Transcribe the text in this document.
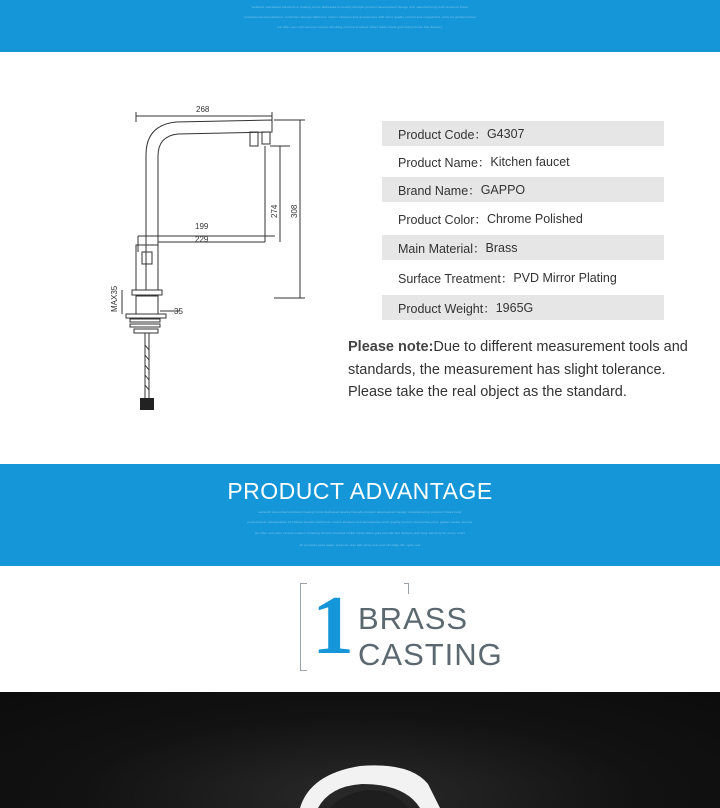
wetwork intensified solutions in flowing forms dedicated to quality lifestyle product development design and manufacturing with premium brass
professional manufacturer of kitchen faucets bathroom mixers showers and accessories with strict quality control and competitive price for global market
we offer oem odm service custom finishing chrome brushed nickel matte black gold and provide fast delivery
268
199
229
35
308
274
MAX35
Product Code： G4307
Product Name： Kitchen faucet
Brand Name： GAPPO
Product Color： Chrome Polished
Main Material： Brass
Surface Treatment： PVD Mirror Plating
Product Weight： 1965G
Please note:Due to different measurement tools and standards, the measurement has slight tolerance. Please take the real object as the standard.
PRODUCT ADVANTAGE
wetwork intensified solutions flowing forms dedicated quality lifestyle product development design manufacturing premium brass body
professional manufacturer of kitchen faucets bathroom mixers showers and accessories strict quality control competitive price global market service
we offer oem odm service custom finishing chrome brushed nickel matte black gold provide fast delivery and long warranty for every order
all products pass water pressure test salt spray test and cartridge life cycle test
1 BRASS
CASTING
